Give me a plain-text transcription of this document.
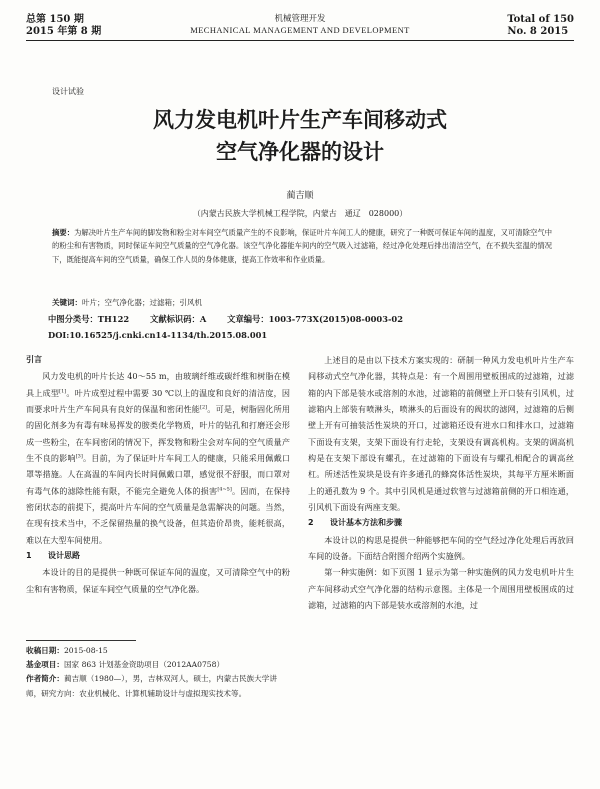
总第 150 期
2015 年第 8 期
机械管理开发
MECHANICAL MANAGEMENT AND DEVELOPMENT
Total of 150
No. 8 2015
设计试验
风力发电机叶片生产车间移动式
空气净化器的设计
蔺吉顺
（内蒙古民族大学机械工程学院，内蒙古　通辽　028000）
摘要：为解决叶片生产车间的脚发物和粉尘对车间空气质量产生的不良影响，保证叶片车间工人的健康，研究了一种既可保证车间的温度，又可清除空气中的粉尘和有害物质，同时保证车间空气质量的空气净化器。该空气净化器能车间内的空气吸入过滤箱，经过净化处理后排出清洁空气，在不损失室温的情况下，既能提高车间的空气质量，确保工作人员的身体健康，提高工作效率和作业质量。
关键词：叶片；空气净化器；过滤箱；引风机
中图分类号：TH122	文献标识码：A	文章编号：1003-773X(2015)08-0003-02
DOI:10.16525/j.cnki.cn14-1134/th.2015.08.001

引言

风力发电机的叶片长达 40～55 m，由玻璃纤维或碳纤维和树脂在模具上成型[1]。叶片成型过程中需要 30 ℃以上的温度和良好的清洁度，因而要求叶片生产车间具有良好的保温和密闭性能[2]。可是，树脂固化所用的固化剂多为有毒有味易挥发的胺类化学物质，叶片的钻孔和打磨还会形成一些粉尘，在车间密闭的情况下，挥发物和粉尘会对车间的空气质量产生不良的影响[3]。目前，为了保证叶片车间工人的健康，只能采用佩戴口罩等措施。人在高温的车间内长时间佩戴口罩，感觉很不舒服，而口罩对有毒气体的滤除性能有限，不能完全避免人体的损害[4~5]。因而，在保持密闭状态的前提下，提高叶片车间的空气质量是急需解决的问题。当然，在现有技术当中，不乏保留热量的换气设备，但其造价昂贵，能耗很高，难以在大型车间使用。

1 设计思路

本设计的目的是提供一种既可保证车间的温度，又可清除空气中的粉尘和有害物质，保证车间空气质量的空气净化器。

收稿日期：2015-08-15
基金项目：国家 863 计划基金资助项目（2012AA0758）
作者简介：蔺吉顺（1980—），男，吉林双河人，硕士，内蒙古民族大学讲师，研究方向：农业机械化、计算机辅助设计与虚拟现实技术等。

上述目的是由以下技术方案实现的：研制一种风力发电机叶片生产车间移动式空气净化器，其特点是：有一个周围用壁板围成的过滤箱，过滤箱的内下部是装水或溶剂的水池，过滤箱的前侧壁上开口装有引风机，过滤箱内上部装有喷淋头，喷淋头的后面设有的阀状的滤网，过滤箱的后侧壁上开有可抽装活性炭块的开口，过滤箱还设有进水口和排水口，过滤箱下面设有支架，支架下面设有行走轮，支架设有调高机构。支架的调高机构是在支架下部设有螺孔，在过滤箱的下面设有与螺孔相配合的调高丝杠。所述活性炭块是设有许多通孔的蜂窝体活性炭块，其每平方厘米断面上的通孔数为 9 个。其中引风机是通过软管与过滤箱前侧的开口相连通，引风机下面设有两座支架。

2 设计基本方法和步骤

本设计以的构思是提供一种能够把车间的空气经过净化处理后再放回车间的设备。下面结合附图介绍两个实施例。

第一种实施例：如下页图 1 显示为第一种实施例的风力发电机叶片生产车间移动式空气净化器的结构示意图。主体是一个周围用壁板围成的过滤箱，过滤箱的内下部是装水或溶剂的水池，过
